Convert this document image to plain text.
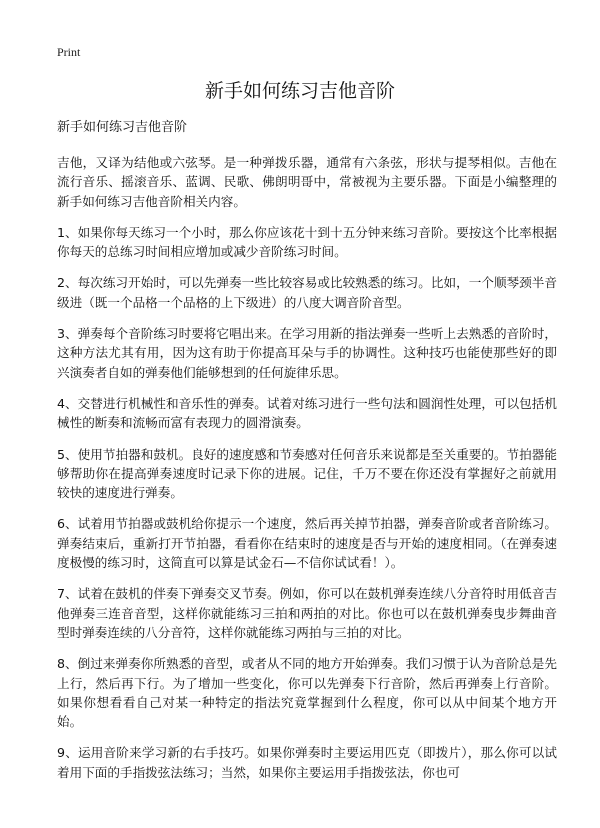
Print
新手如何练习吉他音阶

新手如何练习吉他音阶

吉他，又译为结他或六弦琴。是一种弹拨乐器，通常有六条弦，形状与提琴相似。吉他在流行音乐、摇滚音乐、蓝调、民歌、佛朗明哥中，常被视为主要乐器。下面是小编整理的新手如何练习吉他音阶相关内容。

1、如果你每天练习一个小时，那么你应该花十到十五分钟来练习音阶。要按这个比率根据你每天的总练习时间相应增加或减少音阶练习时间。

2、每次练习开始时，可以先弹奏一些比较容易或比较熟悉的练习。比如，一个顺琴颈半音级进（既一个品格一个品格的上下级进）的八度大调音阶音型。

3、弹奏每个音阶练习时要将它唱出来。在学习用新的指法弹奏一些听上去熟悉的音阶时，这种方法尤其有用，因为这有助于你提高耳朵与手的协调性。这种技巧也能使那些好的即兴演奏者自如的弹奏他们能够想到的任何旋律乐思。

4、交替进行机械性和音乐性的弹奏。试着对练习进行一些句法和圆润性处理，可以包括机械性的断奏和流畅而富有表现力的圆滑演奏。

5、使用节拍器和鼓机。良好的速度感和节奏感对任何音乐来说都是至关重要的。节拍器能够帮助你在提高弹奏速度时记录下你的进展。记住，千万不要在你还没有掌握好之前就用较快的速度进行弹奏。

6、试着用节拍器或鼓机给你提示一个速度，然后再关掉节拍器，弹奏音阶或者音阶练习。弹奏结束后，重新打开节拍器，看看你在结束时的速度是否与开始的速度相同。（在弹奏速度极慢的练习时，这简直可以算是试金石—不信你试试看！）。

7、试着在鼓机的伴奏下弹奏交叉节奏。例如，你可以在鼓机弹奏连续八分音符时用低音吉他弹奏三连音音型，这样你就能练习三拍和两拍的对比。你也可以在鼓机弹奏曳步舞曲音型时弹奏连续的八分音符，这样你就能练习两拍与三拍的对比。

8、倒过来弹奏你所熟悉的音型，或者从不同的地方开始弹奏。我们习惯于认为音阶总是先上行，然后再下行。为了增加一些变化，你可以先弹奏下行音阶，然后再弹奏上行音阶。如果你想看看自己对某一种特定的指法究竟掌握到什么程度，你可以从中间某个地方开始。

9、运用音阶来学习新的右手技巧。如果你弹奏时主要运用匹克（即拨片），那么你可以试着用下面的手指拨弦法练习；当然，如果你主要运用手指拨弦法，你也可
